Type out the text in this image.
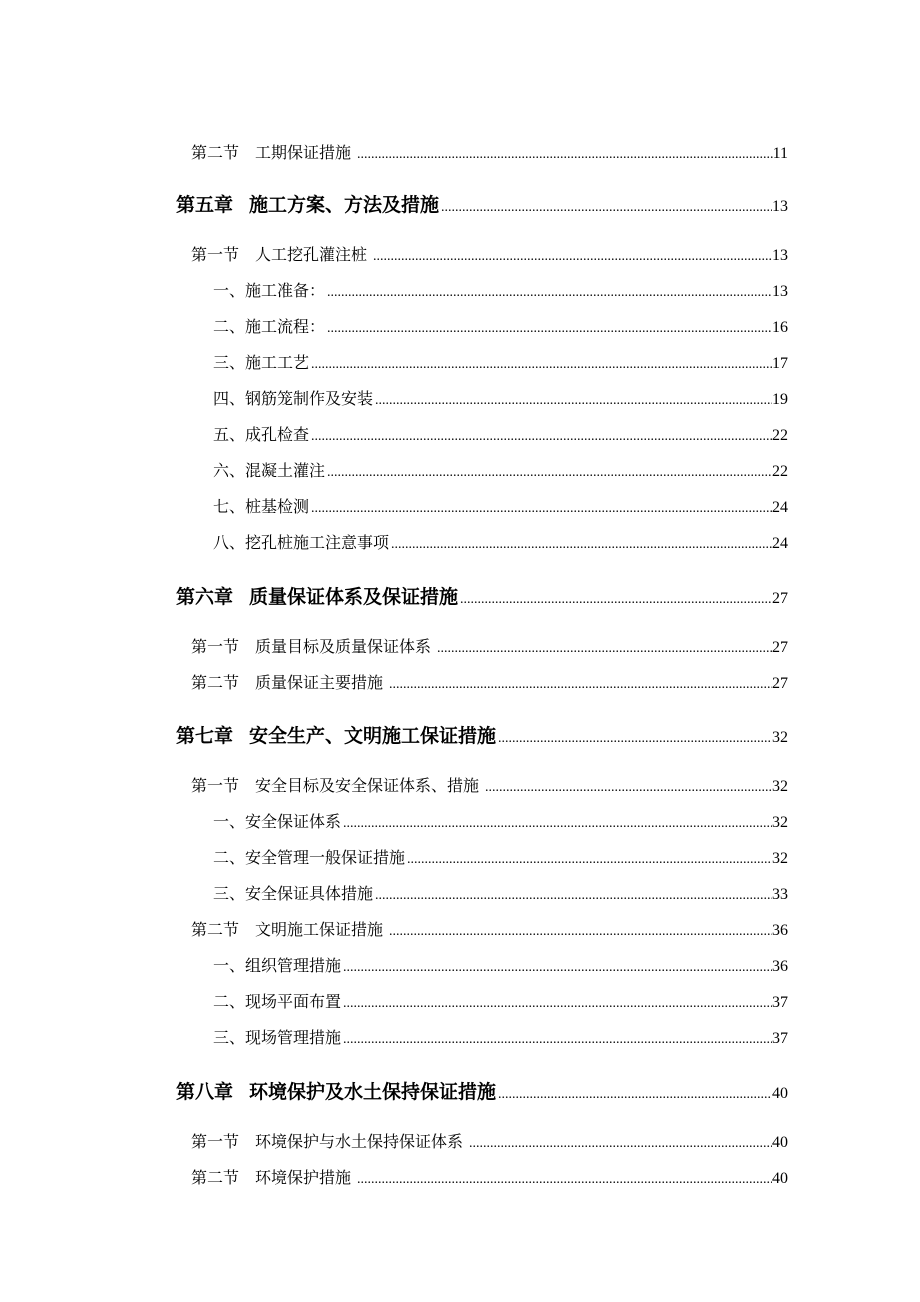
第二节 工期保证措施 .....	11
第五章 施工方案、方法及措施 .....	13
第一节 人工挖孔灌注桩 .....	13
一、施工准备： .....	13
二、施工流程： .....	16
三、施工工艺 .....	17
四、钢筋笼制作及安装 .....	19
五、成孔检查 .....	22
六、混凝土灌注 .....	22
七、桩基检测 .....	24
八、挖孔桩施工注意事项 .....	24
第六章 质量保证体系及保证措施 .....	27
第一节 质量目标及质量保证体系 .....	27
第二节 质量保证主要措施 .....	27
第七章 安全生产、文明施工保证措施 .....	32
第一节 安全目标及安全保证体系、措施 .....	32
一、安全保证体系 .....	32
二、安全管理一般保证措施 .....	32
三、安全保证具体措施 .....	33
第二节 文明施工保证措施 .....	36
一、组织管理措施 .....	36
二、现场平面布置 .....	37
三、现场管理措施 .....	37
第八章 环境保护及水土保持保证措施 .....	40
第一节 环境保护与水土保持保证体系 .....	40
第二节 环境保护措施 .....	40
